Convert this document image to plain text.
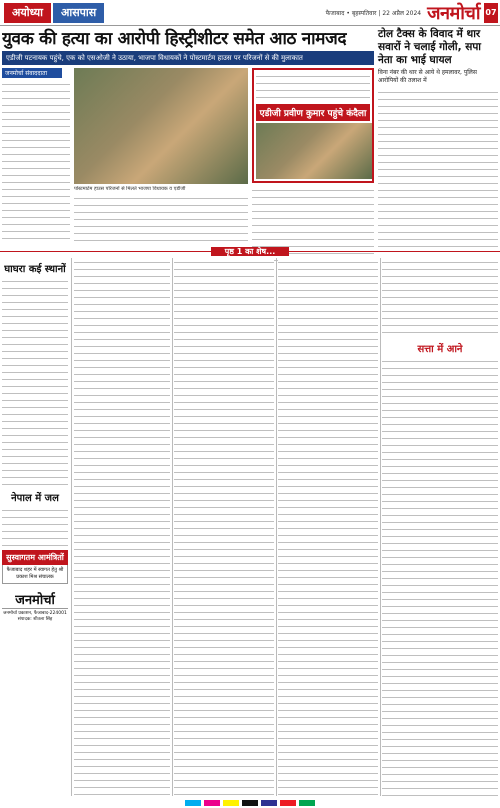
अयोध्या	आसपास	फैजाबाद • बृहस्पतिवार | 22 अप्रैल 2024 जनमोर्चा 07
युवक की हत्या का आरोपी हिस्ट्रीशीटर समेत आठ नामजद
एडीजी पटनायक पहुंचे, एक को एसओजी ने उठाया, भाजपा विधायकों ने पोस्टमार्टम हाउस पर परिजनों से की मुलाकात
जनमोर्चा संवाददाता
पोस्टमार्टम हाउस परिजनों से मिलते भाजपा विधायक व एडीजी
एडीजी प्रवीण कुमार पहुंचे कंदैला
टोल टैक्स के विवाद में थार सवारों ने चलाई गोली, सपा नेता का भाई घायल
विना नंबर की थार से आये थे हमलावर, पुलिस आरोपियों की तलाश में
पृष्ठ 1 का शेष...
घाघरा कई स्थानों
नेपाल में जल
सुस्वागतम आमंत्रितों
फैजाबाद शहर में स्वागत हेतु श्री प्रकाश मिश्र संचालक
जनमोर्चा
जनमोर्चा प्रकाशन, फैजाबाद-224001 संपादक: शीतला सिंह
सत्ता में आने
